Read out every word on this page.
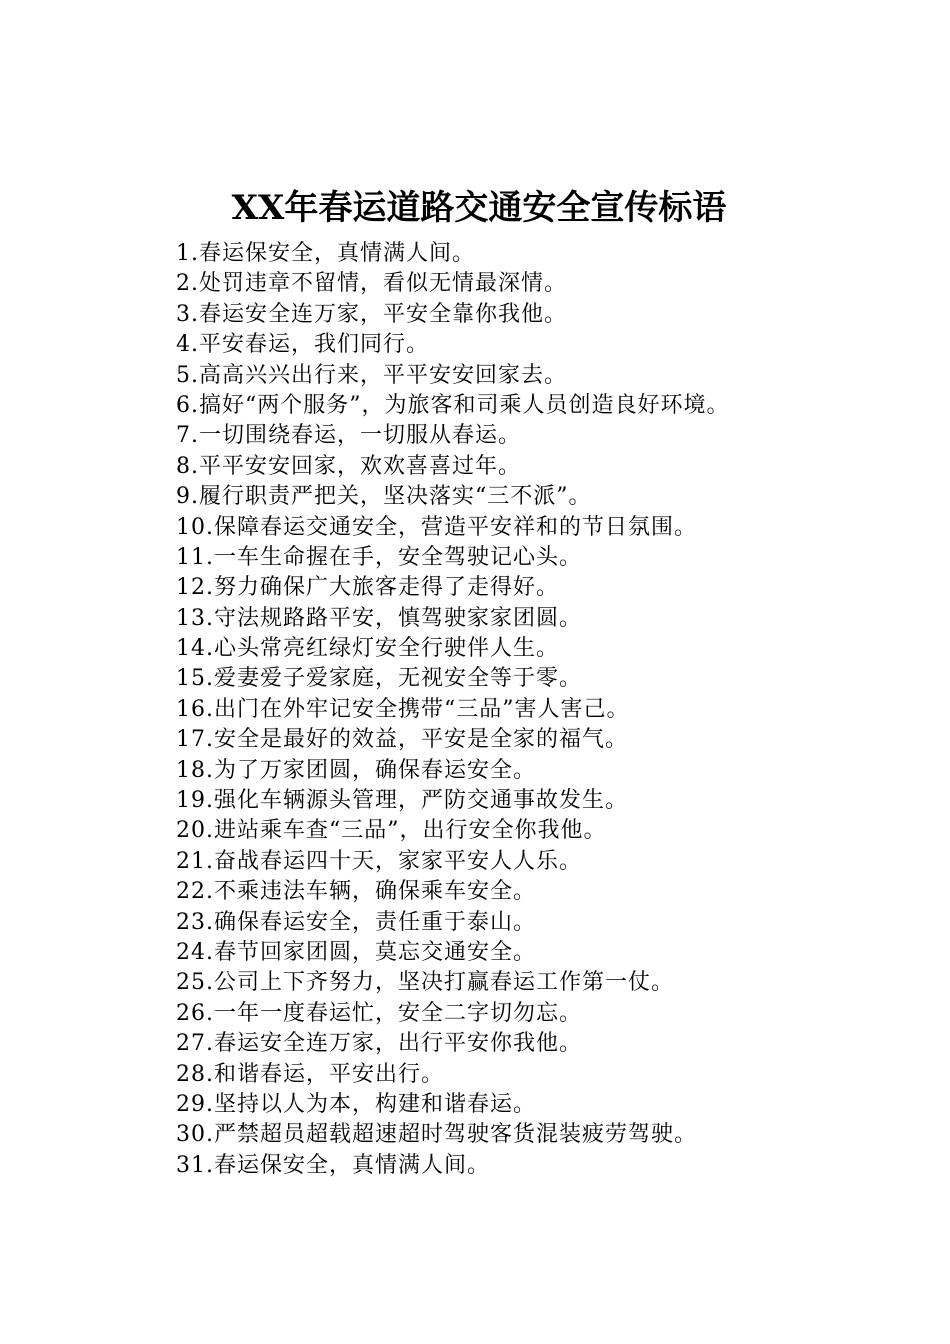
XX年春运道路交通安全宣传标语
1.春运保安全，真情满人间。
2.处罚违章不留情，看似无情最深情。
3.春运安全连万家，平安全靠你我他。
4.平安春运，我们同行。
5.高高兴兴出行来，平平安安回家去。
6.搞好“两个服务”，为旅客和司乘人员创造良好环境。
7.一切围绕春运，一切服从春运。
8.平平安安回家，欢欢喜喜过年。
9.履行职责严把关，坚决落实“三不派”。
10.保障春运交通安全，营造平安祥和的节日氛围。
11.一车生命握在手，安全驾驶记心头。
12.努力确保广大旅客走得了走得好。
13.守法规路路平安，慎驾驶家家团圆。
14.心头常亮红绿灯安全行驶伴人生。
15.爱妻爱子爱家庭，无视安全等于零。
16.出门在外牢记安全携带“三品”害人害己。
17.安全是最好的效益，平安是全家的福气。
18.为了万家团圆，确保春运安全。
19.强化车辆源头管理，严防交通事故发生。
20.进站乘车查“三品”，出行安全你我他。
21.奋战春运四十天，家家平安人人乐。
22.不乘违法车辆，确保乘车安全。
23.确保春运安全，责任重于泰山。
24.春节回家团圆，莫忘交通安全。
25.公司上下齐努力，坚决打赢春运工作第一仗。
26.一年一度春运忙，安全二字切勿忘。
27.春运安全连万家，出行平安你我他。
28.和谐春运，平安出行。
29.坚持以人为本，构建和谐春运。
30.严禁超员超载超速超时驾驶客货混装疲劳驾驶。
31.春运保安全，真情满人间。
